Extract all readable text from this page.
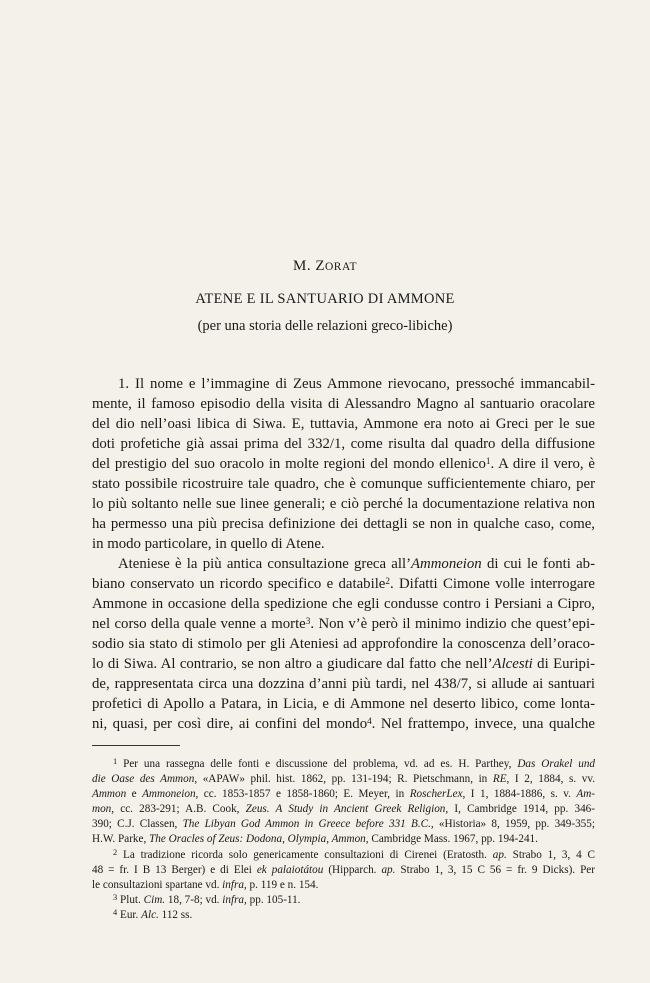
M. ZORAT
ATENE E IL SANTUARIO DI AMMONE
(per una storia delle relazioni greco-libiche)
1. Il nome e l’immagine di Zeus Ammone rievocano, pressoché immancabil-
mente, il famoso episodio della visita di Alessandro Magno al santuario oracolare
del dio nell’oasi libica di Siwa. E, tuttavia, Ammone era noto ai Greci per le sue
doti profetiche già assai prima del 332/1, come risulta dal quadro della diffusione
del prestigio del suo oracolo in molte regioni del mondo ellenico$^1$. A dire il vero, è
stato possibile ricostruire tale quadro, che è comunque sufficientemente chiaro, per
lo più soltanto nelle sue linee generali; e ciò perché la documentazione relativa non
ha permesso una più precisa definizione dei dettagli se non in qualche caso, come,
in modo particolare, in quello di Atene.
Ateniese è la più antica consultazione greca all’Ammoneion di cui le fonti ab-
biano conservato un ricordo specifico e databile$^2$. Difatti Cimone volle interrogare
Ammone in occasione della spedizione che egli condusse contro i Persiani a Cipro,
nel corso della quale venne a morte$^3$. Non v’è però il minimo indizio che quest’epi-
sodio sia stato di stimolo per gli Ateniesi ad approfondire la conoscenza dell’oraco-
lo di Siwa. Al contrario, se non altro a giudicare dal fatto che nell’Alcesti di Euripi-
de, rappresentata circa una dozzina d’anni più tardi, nel 438/7, si allude ai santuari
profetici di Apollo a Patara, in Licia, e di Ammone nel deserto libico, come lonta-
$^1$ Per una rassegna delle fonti e discussione del problema, vd. ad es. H. Parthey, Das Orakel und
die Oase des Ammon, «APAW» phil. hist. 1862, pp. 131-194; R. Pietschmann, in RE, I 2, 1884, s. vv.
Ammon e Ammoneion, cc. 1853-1857 e 1858-1860; E. Meyer, in RoscherLex, I 1, 1884-1886, s. v. Am-
mon, cc. 283-291; A.B. Cook, Zeus. A Study in Ancient Greek Religion, I, Cambridge 1914, pp. 346-
390; C.J. Classen, The Libyan God Ammon in Greece before 331 B.C., «Historia» 8, 1959, pp. 349-355;
H.W. Parke, The Oracles of Zeus: Dodona, Olympia, Ammon, Cambridge Mass. 1967, pp. 194-241.
$^2$ La tradizione ricorda solo genericamente consultazioni di Cirenei (Eratosth. ap. Strabo 1, 3, 4 C
48 = fr. I B 13 Berger) e di Elei ek palaiotátou (Hipparch. ap. Strabo 1, 3, 15 C 56 = fr. 9 Dicks). Per
le consultazioni spartane vd. infra, p. 119 e n. 154.
$^3$ Plut. Cim. 18, 7-8; vd. infra, pp. 105-11.
$^4$ Eur. Alc. 112 ss.
ni, quasi, per così dire, ai confini del mondo$^4$. Nel frattempo, invece, una qualche
